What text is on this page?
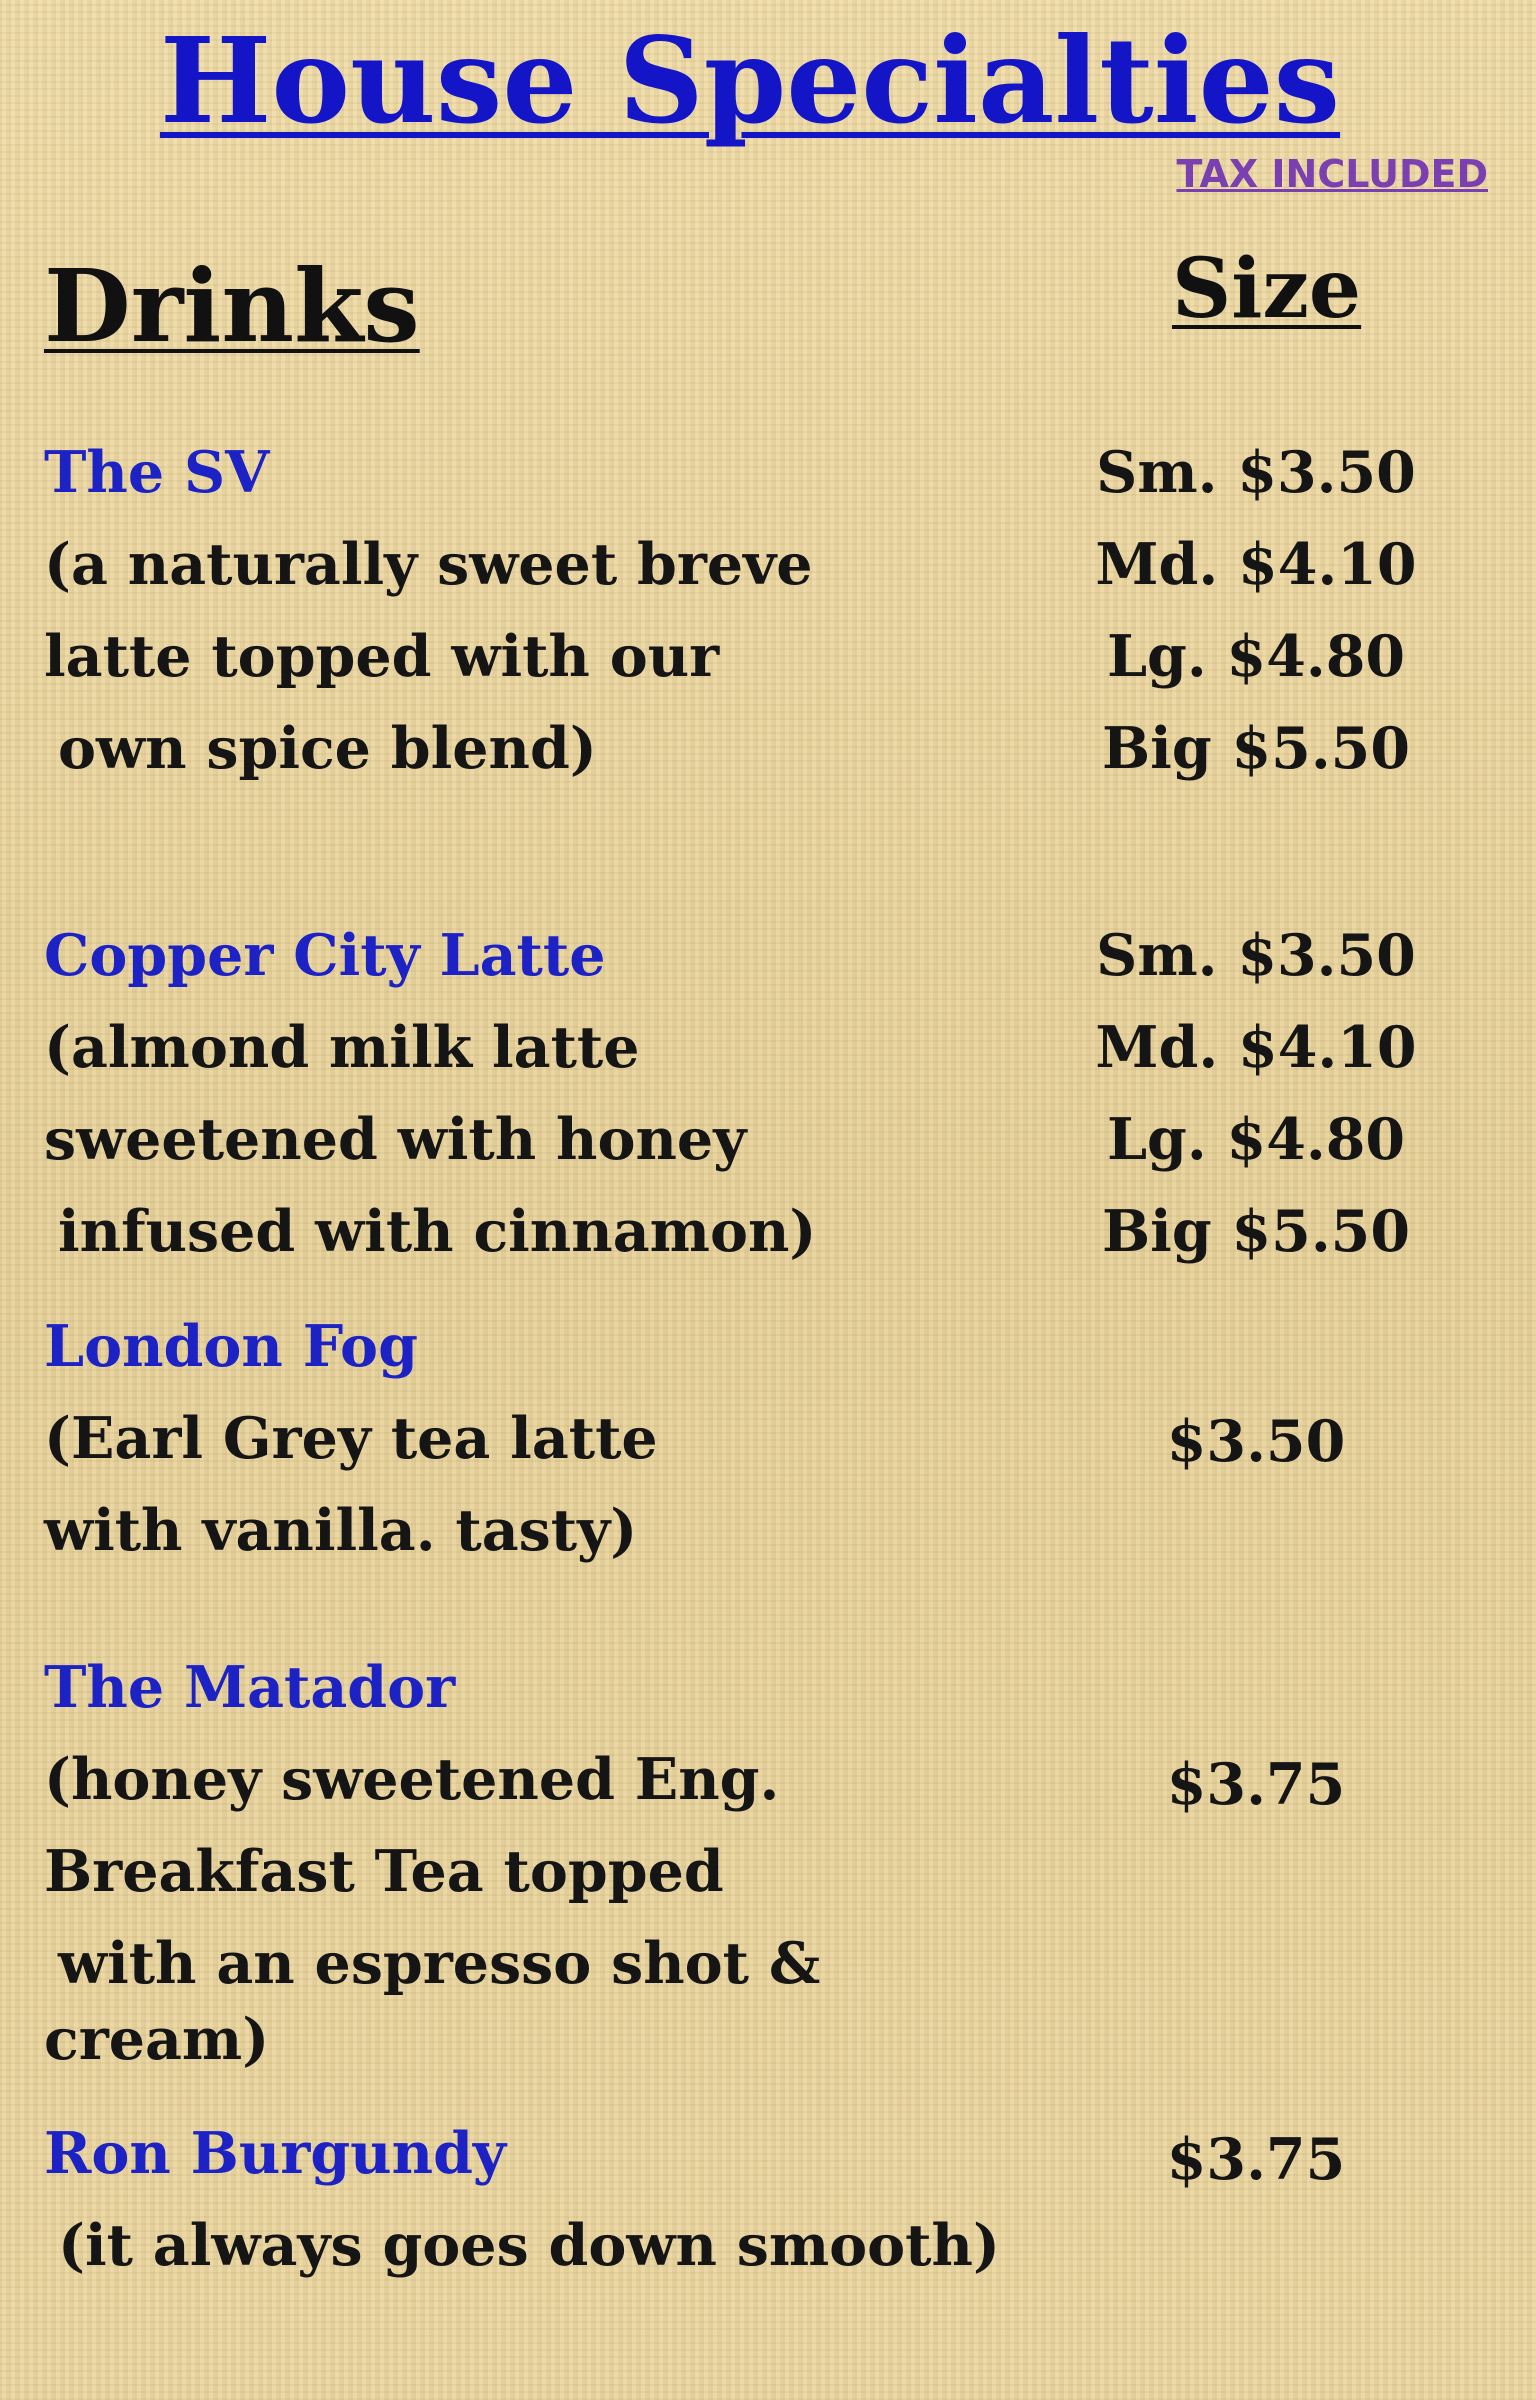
House Specialties
TAX INCLUDED
Drinks	Size
The SV
(a naturally sweet breve
latte topped with our
own spice blend)
Sm. $3.50
Md. $4.10
Lg. $4.80
Big $5.50
Copper City Latte
(almond milk latte
sweetened with honey
infused with cinnamon)
Sm. $3.50
Md. $4.10
Lg. $4.80
Big $5.50
London Fog
(Earl Grey tea latte
with vanilla. tasty)
$3.50
The Matador
(honey sweetened Eng.
Breakfast Tea topped
with an espresso shot &
cream)
$3.75
Ron Burgundy
(it always goes down smooth)
$3.75
